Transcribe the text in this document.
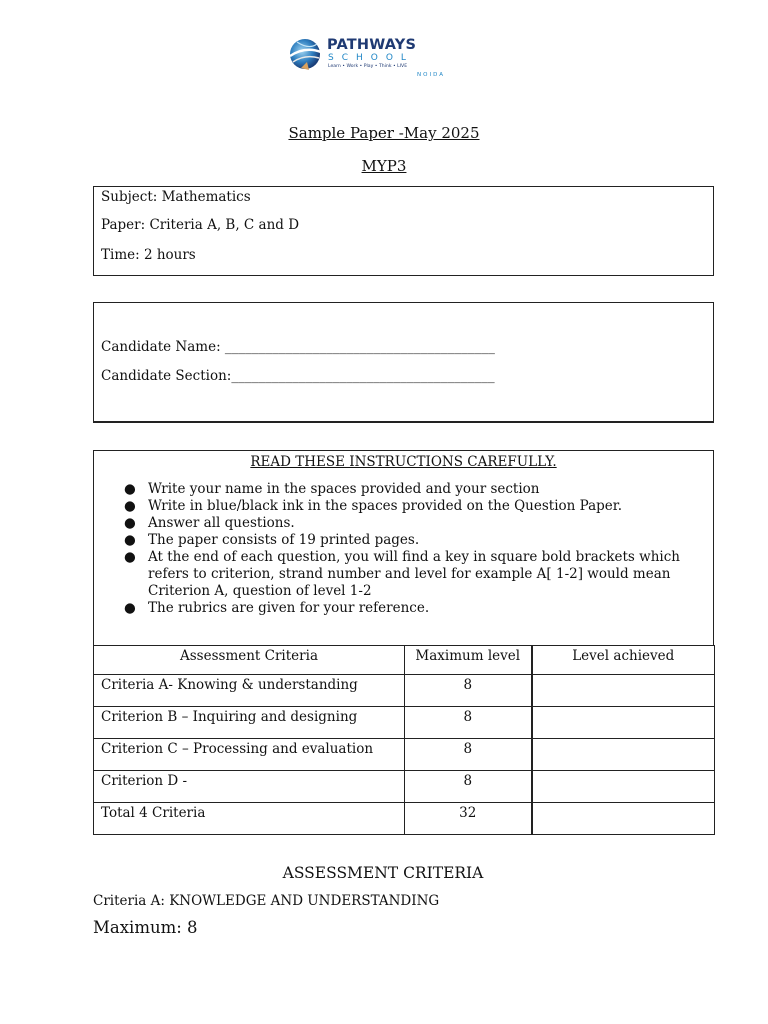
PATHWAYS
SCHOOL
Learn • Work • Play • Think • LIVE
NOIDA
Sample Paper -May 2025
MYP3
Subject: Mathematics
Paper: Criteria A, B, C and D
Time: 2 hours
Candidate Name: ________________________________________
Candidate Section:_______________________________________
READ THESE INSTRUCTIONS CAREFULLY.
● Write your name in the spaces provided and your section
● Write in blue/black ink in the spaces provided on the Question Paper.
● Answer all questions.
● The paper consists of 19 printed pages.
● At the end of each question, you will find a key in square bold brackets which refers to criterion, strand number and level for example A[ 1-2] would mean Criterion A, question of level 1-2
● The rubrics are given for your reference.
Assessment Criteria	Maximum level	Level achieved
Criteria A- Knowing & understanding	8	
Criterion B – Inquiring and designing	8	
Criterion C – Processing and evaluation	8	
Criterion D -	8	
Total 4 Criteria	32	
ASSESSMENT CRITERIA
Criteria A: KNOWLEDGE AND UNDERSTANDING
Maximum: 8
